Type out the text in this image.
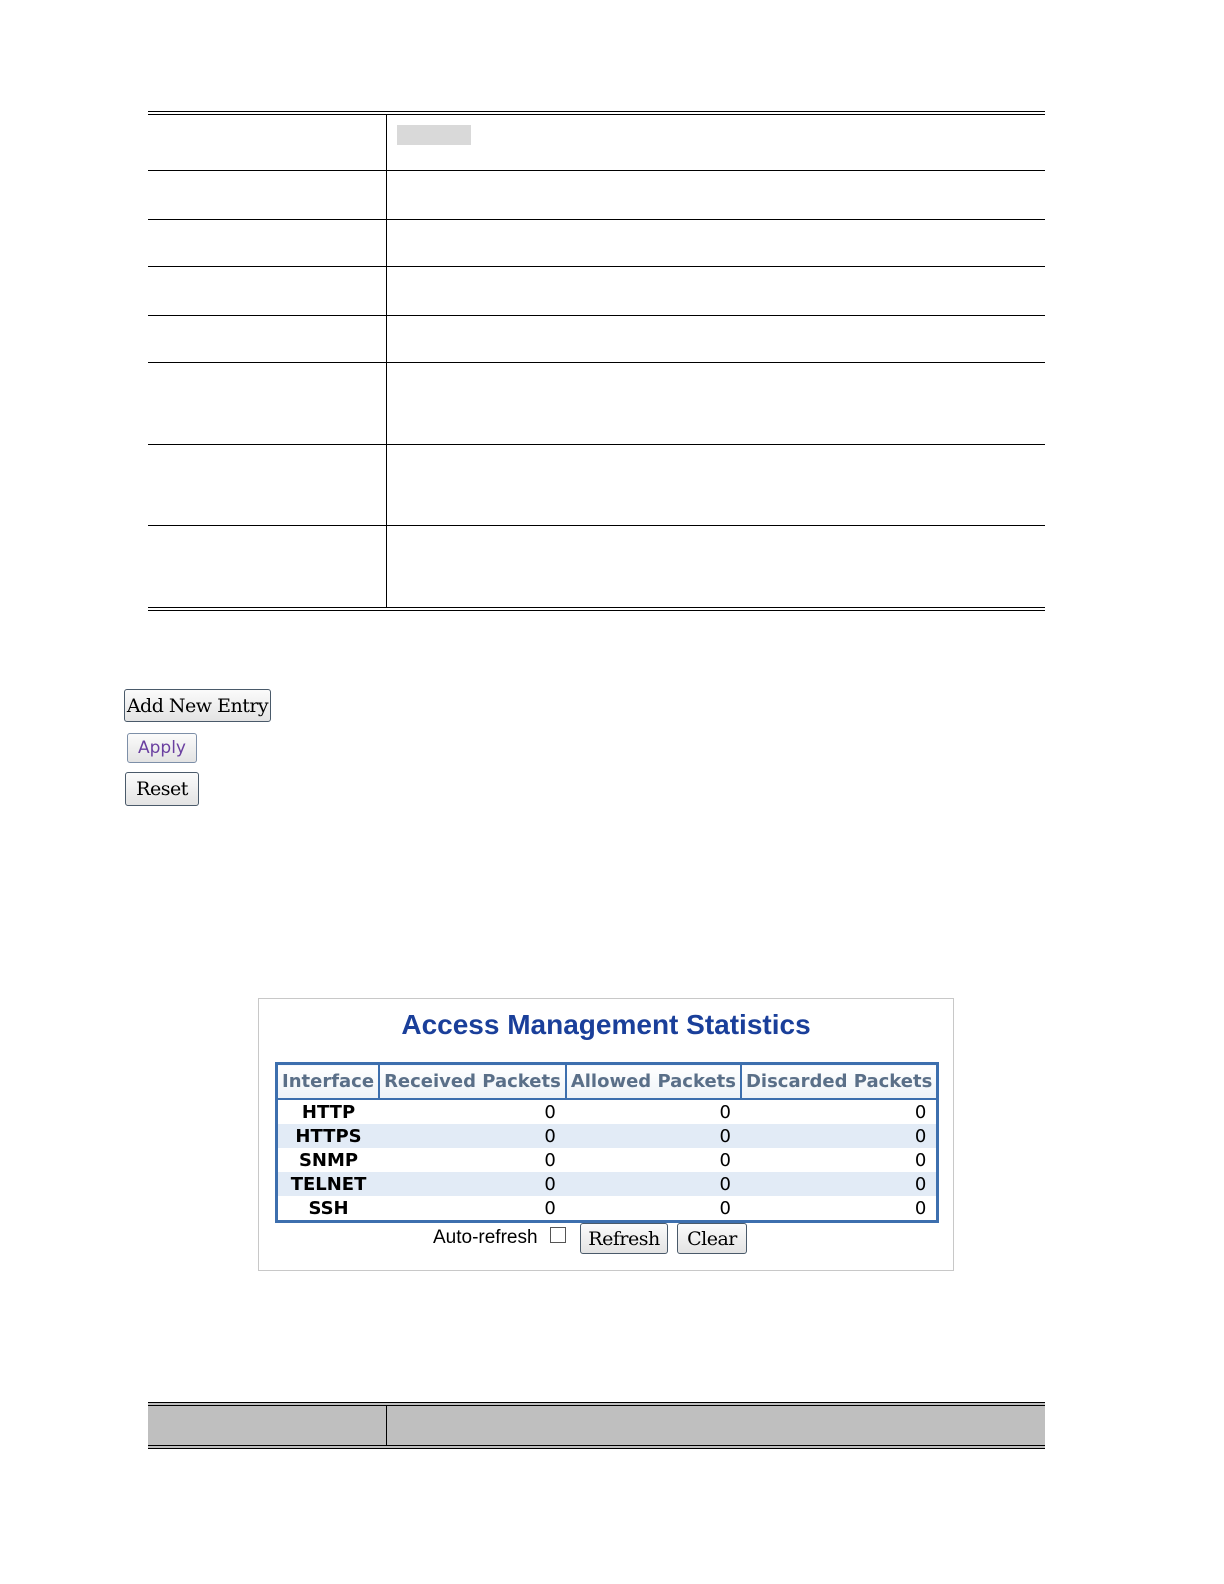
Add New Entry
Apply
Reset
Access Management Statistics
Interface	Received Packets	Allowed Packets	Discarded Packets
HTTP	0	0	0
HTTPS	0	0	0
SNMP	0	0	0
TELNET	0	0	0
SSH	0	0	0
Auto-refresh	Refresh	Clear
